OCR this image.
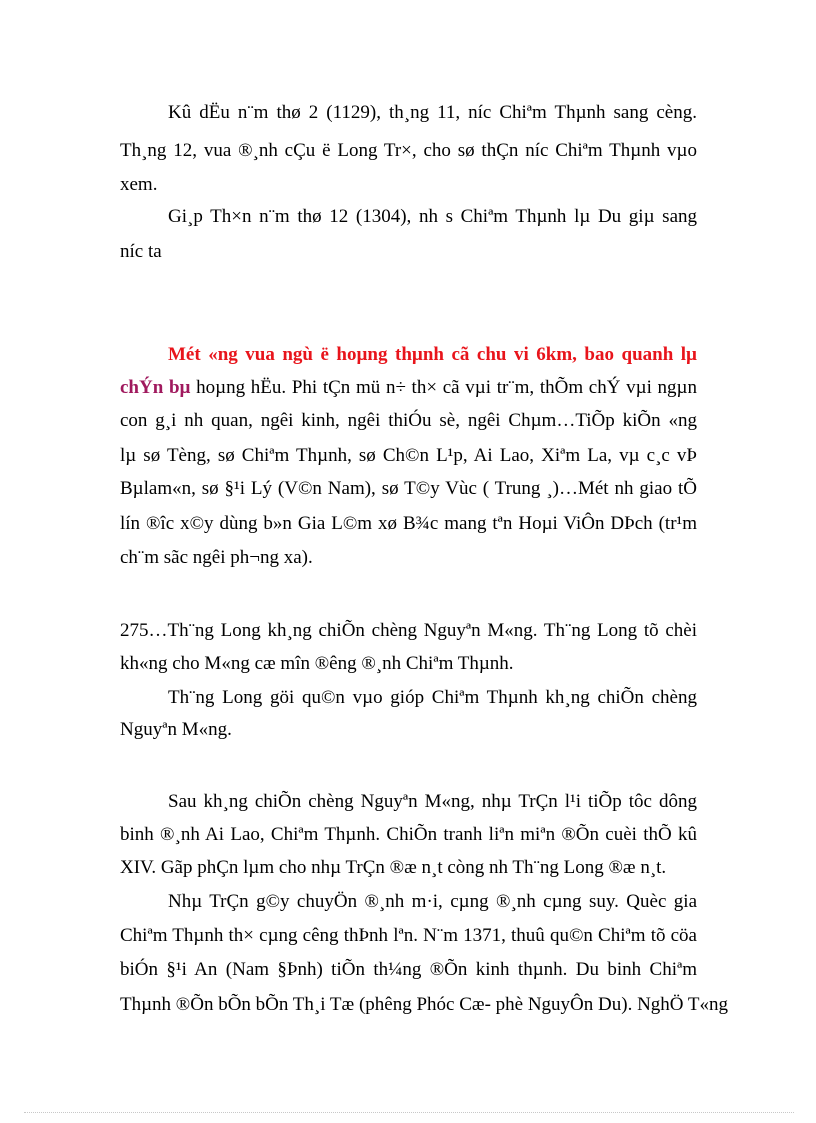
Kû dËu n¨m thø 2 (1129), th¸ng 11, níc Chiªm Thµnh sang cèng.

Th¸ng 12, vua ®¸nh cÇu ë Long Tr×, cho sø thÇn níc Chiªm Thµnh vµo

xem.

Gi¸p Th×n n¨m thø 12 (1304), nh s Chiªm Thµnh lµ Du giµ sang

níc ta

Mét «ng vua ngù ë hoµng thµnh cã chu vi 6km, bao quanh lµ

chÝn bµ hoµng hËu. Phi tÇn mü n÷ th× cã vµi tr¨m, thÕm chÝ vµi ngµn

con g¸i nh quan, ngêi kinh, ngêi thiÓu sè, ngêi Chµm…TiÕp kiÕn «ng

lµ sø Tèng, sø Chiªm Thµnh, sø Ch©n L¹p, Ai Lao, Xiªm La, vµ c¸c vÞ

Bµlam«n, sø §¹i Lý (V©n Nam), sø T©y Vùc ( Trung ¸)…Mét nh giao tÕ

lín ®îc x©y dùng b»n Gia L©m xø B¾c mang tªn Hoµi ViÔn DÞch (tr¹m

ch¨m sãc ngêi ph¬ng xa).

275…Th¨ng Long kh¸ng chiÕn chèng Nguyªn M«ng. Th¨ng Long tõ chèi

kh«ng cho M«ng cæ mîn ®êng ®¸nh Chiªm Thµnh.

Th¨ng Long göi qu©n vµo gióp Chiªm Thµnh kh¸ng chiÕn chèng

Nguyªn M«ng.

Sau kh¸ng chiÕn chèng Nguyªn M«ng, nhµ TrÇn l¹i tiÕp tôc dông

binh ®¸nh Ai Lao, Chiªm Thµnh. ChiÕn tranh liªn miªn ®Õn cuèi thÕ kû

XIV. Gãp phÇn lµm cho nhµ TrÇn ®æ n¸t còng nh Th¨ng Long ®æ n¸t.

Nhµ TrÇn g©y chuyÖn ®¸nh m·i, cµng ®¸nh cµng suy. Quèc gia

Chiªm Thµnh th× cµng cêng thÞnh lªn. N¨m 1371, thuû qu©n Chiªm tõ cöa

biÓn §¹i An (Nam §Þnh) tiÕn th¼ng ®Õn kinh thµnh. Du binh Chiªm

Thµnh ®Õn bÕn bÕn Th¸i Tæ (phêng Phóc Cæ- phè NguyÔn Du). NghÖ T«ng
